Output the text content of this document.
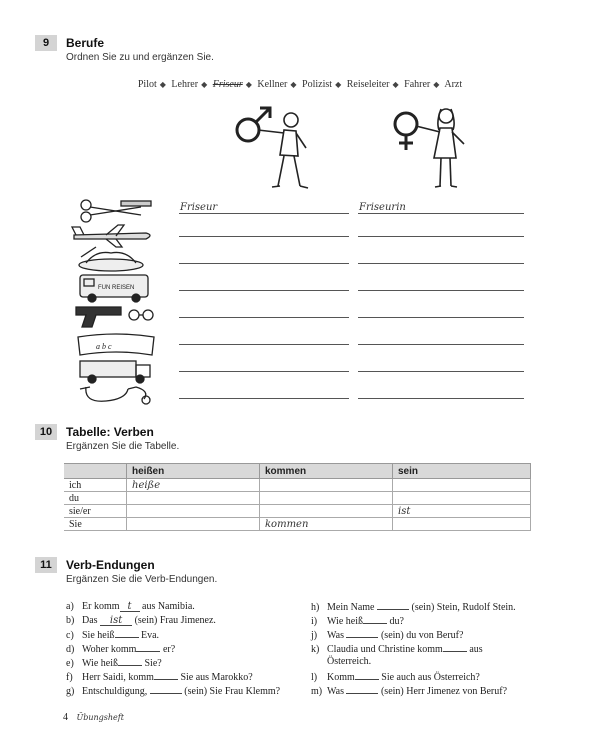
9	Berufe
Ordnen Sie zu und ergänzen Sie.
Pilot ◆ Lehrer ◆ Friseur ◆ Kellner ◆ Polizist ◆ Reiseleiter ◆ Fahrer ◆ Arzt
FUN REISEN
a b c
Friseur	Friseurin
10	Tabelle: Verben
Ergänzen Sie die Tabelle.
	heißen	kommen	sein
ich	heiße		
du			
sie/er			ist
Sie		kommen	
11	Verb-Endungen
Ergänzen Sie die Verb-Endungen.
a) Er komm t aus Namibia.
b) Das ist (sein) Frau Jimenez.
c) Sie heiß	Eva.
d) Woher komm	er?
e) Wie heiß	Sie?
f) Herr Saidi, komm	Sie aus Marokko?
g) Entschuldigung,	(sein) Sie Frau Klemm?
h) Mein Name	(sein) Stein, Rudolf Stein.
i) Wie heiß	du?
j) Was	(sein) du von Beruf?
k) Claudia und Christine komm	aus
Österreich.
l) Komm	Sie auch aus Österreich?
m) Was	(sein) Herr Jimenez von Beruf?
4 Übungsheft
